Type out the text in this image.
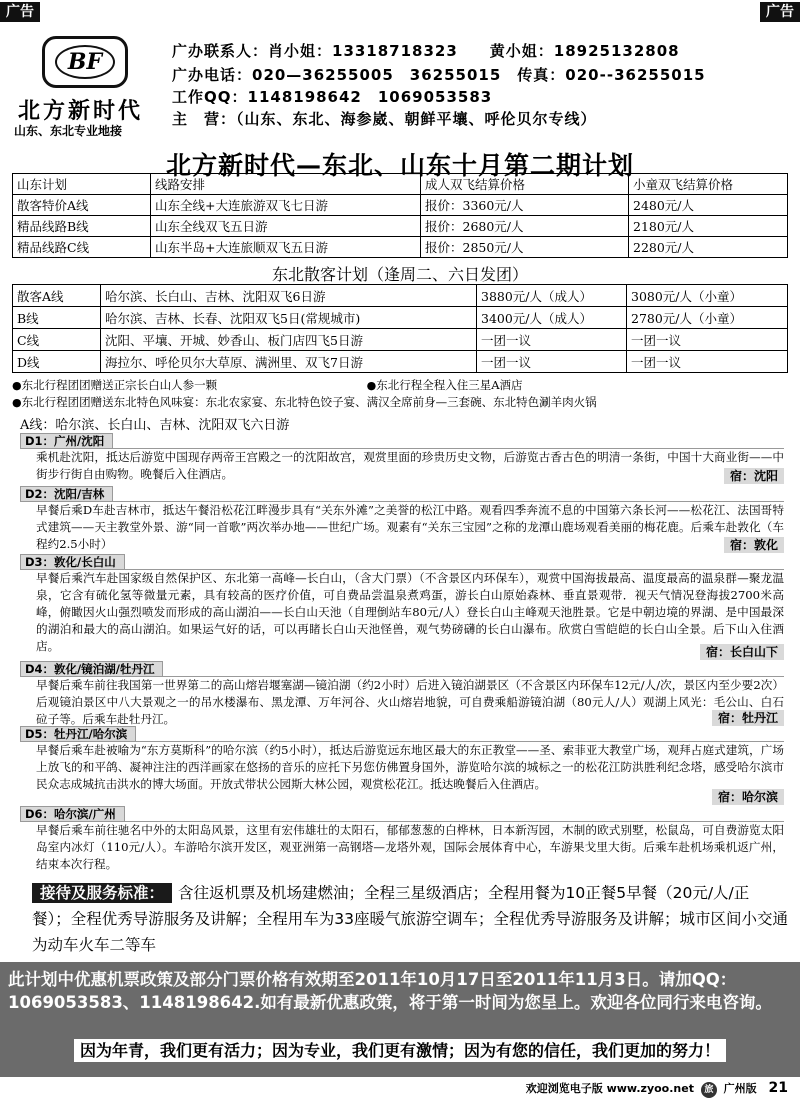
广告	广告
BF
北方新时代
山东、东北专业地接
广办联系人：肖小姐：13318718323　　黄小姐：18925132808
广办电话：020—36255005　36255015　传真：020--36255015
工作QQ：1148198642　1069053583
主　营：（山东、东北、海参崴、朝鲜平壤、呼伦贝尔专线）
北方新时代—东北、山东十月第二期计划
山东计划	线路安排	成人双飞结算价格	小童双飞结算价格
散客特价A线	山东全线+大连旅游双飞七日游	报价：3360元/人	2480元/人
精品线路B线	山东全线双飞五日游	报价：2680元/人	2180元/人
精品线路C线	山东半岛+大连旅顺双飞五日游	报价：2850元/人	2280元/人
东北散客计划（逢周二、六日发团）
散客A线	哈尔滨、长白山、吉林、沈阳双飞6日游	3880元/人（成人）	3080元/人（小童）
B线	哈尔滨、吉林、长春、沈阳双飞5日(常规城市)	3400元/人（成人）	2780元/人（小童）
C线	沈阳、平壤、开城、妙香山、板门店四飞5日游	一团一议	一团一议
D线	海拉尔、呼伦贝尔大草原、满洲里、双飞7日游	一团一议	一团一议
●东北行程团团赠送正宗长白山人参一颗	●东北行程全程入住三星A酒店
●东北行程团团赠送东北特色风味宴：东北农家宴、东北特色饺子宴、满汉全席前身—三套碗、东北特色涮羊肉火锅
A线：哈尔滨、长白山、吉林、沈阳双飞六日游
D1：广州/沈阳
乘机赴沈阳，抵达后游览中国现存两帝王宫殿之一的沈阳故宫，观赏里面的珍贵历史文物，后游览古香古色的明清一条街，中国十大商业街——中街步行街自由购物。晚餐后入住酒店。	宿：沈阳
D2：沈阳/吉林
早餐后乘D车赴吉林市，抵达午餐沿松花江畔漫步具有“关东外滩”之美誉的松江中路。观看四季奔流不息的中国第六条长河——松花江、法国哥特式建筑——天主教堂外景、游“同一首歌”两次举办地——世纪广场。观素有“关东三宝园”之称的龙潭山鹿场观看美丽的梅花鹿。后乘车赴敦化（车程约2.5小时）	宿：敦化
D3：敦化/长白山
早餐后乘汽车赴国家级自然保护区、东北第一高峰—长白山，（含大门票）（不含景区内环保车），观赏中国海拔最高、温度最高的温泉群—聚龙温泉，它含有硫化氢等微量元素，具有较高的医疗价值，可自费品尝温泉煮鸡蛋，游长白山原始森林、垂直景观带．视天气情况登海拔2700米高峰，俯瞰因火山强烈喷发而形成的高山湖泊——长白山天池（自理倒站车80元/人）登长白山主峰观天池胜景。它是中朝边境的界湖、是中国最深的湖泊和最大的高山湖泊。如果运气好的话，可以再睹长白山天池怪兽，观气势磅礴的长白山瀑布。欣赏白雪皑皑的长白山全景。后下山入住酒店。	宿：长白山下
D4：敦化/镜泊湖/牡丹江
早餐后乘车前往我国第一世界第二的高山熔岩堰塞湖—镜泊湖（约2小时）后进入镜泊湖景区（不含景区内环保车12元/人/次，景区内至少要2次）后观镜泊景区中八大景观之一的吊水楼瀑布、黑龙潭、万年河谷、火山熔岩地貌，可自费乘船游镜泊湖（80元人/人）观湖上风光：毛公山、白石砬子等。后乘车赴牡丹江。	宿：牡丹江
D5：牡丹江/哈尔滨
早餐后乘车赴被喻为“东方莫斯科”的哈尔滨（约5小时），抵达后游览远东地区最大的东正教堂——圣、索菲亚大教堂广场，观拜占庭式建筑，广场上放飞的和平鸽、凝神注注的西洋画家在悠扬的音乐的应托下另您仿佛置身国外，游览哈尔滨的城标之一的松花江防洪胜利纪念塔，感受哈尔滨市民众志成城抗击洪水的博大场面。开放式带状公园斯大林公园，观赏松花江。抵达晚餐后入住酒店。
宿：哈尔滨
D6：哈尔滨/广州
早餐后乘车前往驰名中外的太阳岛风景，这里有宏伟雄壮的太阳石，郁郁葱葱的白桦林，日本新泻园，木制的欧式别墅，松鼠岛，可自费游览太阳岛室内冰灯（110元/人）。车游哈尔滨开发区，观亚洲第一高钢塔—龙塔外观，国际会展体育中心，车游果戈里大街。后乘车赴机场乘机返广州，结束本次行程。
接待及服务标准： 含往返机票及机场建燃油；全程三星级酒店；全程用餐为10正餐5早餐（20元/人/正餐）；全程优秀导游服务及讲解；全程用车为33座暖气旅游空调车；全程优秀导游服务及讲解；城市区间小交通为动车火车二等车
此计划中优惠机票政策及部分门票价格有效期至2011年10月17日至2011年11月3日。请加QQ：1069053583、1148198642.如有最新优惠政策，将于第一时间为您呈上。欢迎各位同行来电咨询。
因为年青，我们更有活力；因为专业，我们更有激情；因为有您的信任，我们更加的努力！
欢迎浏览电子版 www.zyoo.net 旅 广州版 21
